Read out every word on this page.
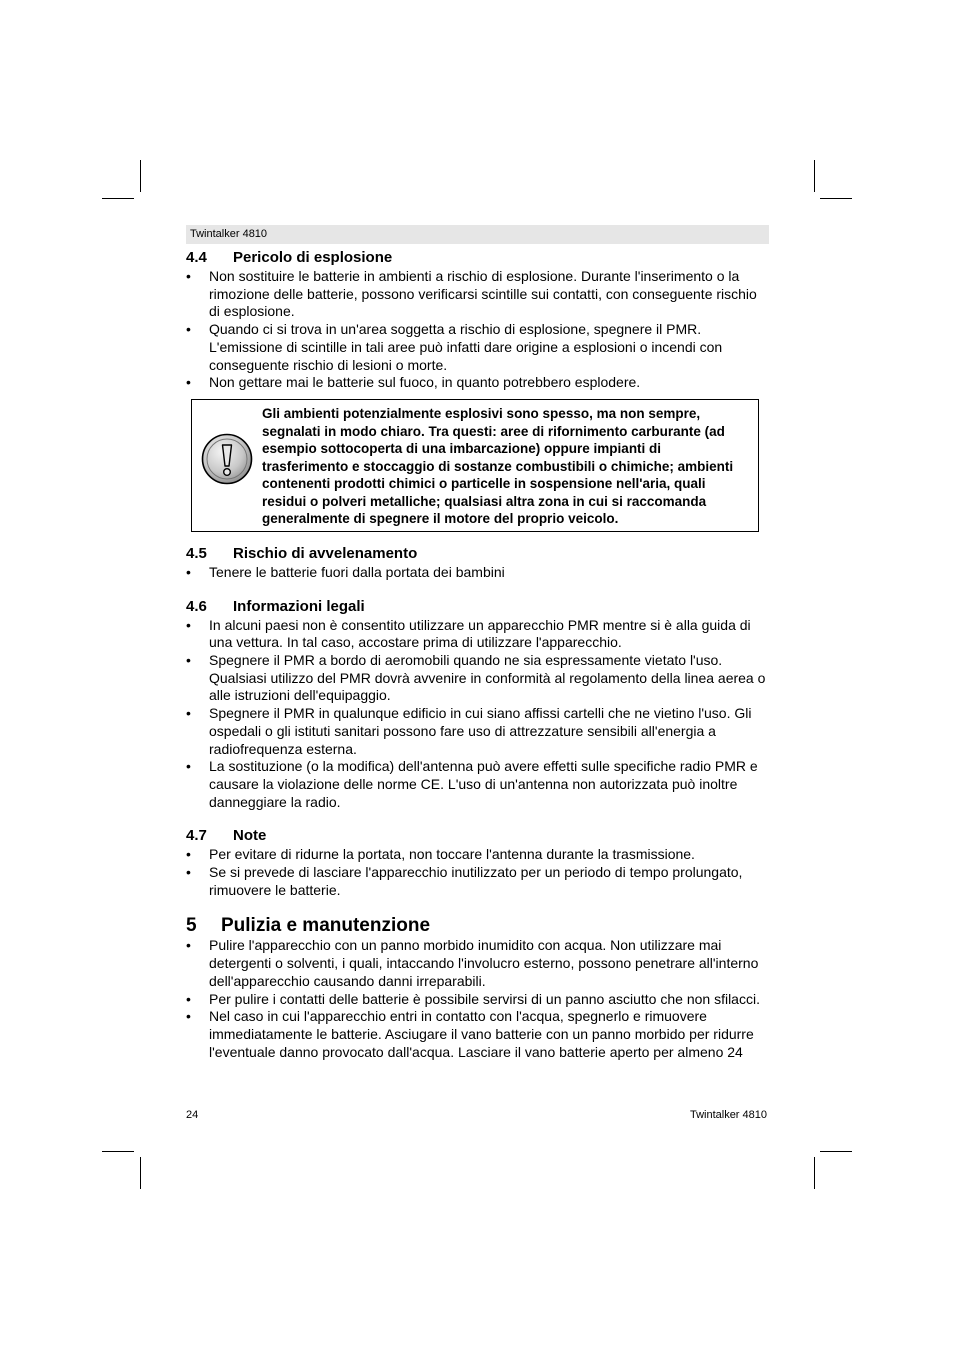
Twintalker 4810
4.4 Pericolo di esplosione
• Non sostituire le batterie in ambienti a rischio di esplosione. Durante l'inserimento o la rimozione delle batterie, possono verificarsi scintille sui contatti, con conseguente rischio di esplosione.
• Quando ci si trova in un'area soggetta a rischio di esplosione, spegnere il PMR. L'emissione di scintille in tali aree può infatti dare origine a esplosioni o incendi con conseguente rischio di lesioni o morte.
• Non gettare mai le batterie sul fuoco, in quanto potrebbero esplodere.
Gli ambienti potenzialmente esplosivi sono spesso, ma non sempre, segnalati in modo chiaro. Tra questi: aree di rifornimento carburante (ad esempio sottocoperta di una imbarcazione) oppure impianti di trasferimento e stoccaggio di sostanze combustibili o chimiche; ambienti contenenti prodotti chimici o particelle in sospensione nell'aria, quali residui o polveri metalliche; qualsiasi altra zona in cui si raccomanda generalmente di spegnere il motore del proprio veicolo.
4.5 Rischio di avvelenamento
• Tenere le batterie fuori dalla portata dei bambini
4.6 Informazioni legali
• In alcuni paesi non è consentito utilizzare un apparecchio PMR mentre si è alla guida di una vettura. In tal caso, accostare prima di utilizzare l'apparecchio.
• Spegnere il PMR a bordo di aeromobili quando ne sia espressamente vietato l'uso. Qualsiasi utilizzo del PMR dovrà avvenire in conformità al regolamento della linea aerea o alle istruzioni dell'equipaggio.
• Spegnere il PMR in qualunque edificio in cui siano affissi cartelli che ne vietino l'uso. Gli ospedali o gli istituti sanitari possono fare uso di attrezzature sensibili all'energia a radiofrequenza esterna.
• La sostituzione (o la modifica) dell'antenna può avere effetti sulle specifiche radio PMR e causare la violazione delle norme CE. L'uso di un'antenna non autorizzata può inoltre danneggiare la radio.
4.7 Note
• Per evitare di ridurne la portata, non toccare l'antenna durante la trasmissione.
• Se si prevede di lasciare l'apparecchio inutilizzato per un periodo di tempo prolungato, rimuovere le batterie.
5 Pulizia e manutenzione
• Pulire l'apparecchio con un panno morbido inumidito con acqua. Non utilizzare mai detergenti o solventi, i quali, intaccando l'involucro esterno, possono penetrare all'interno dell'apparecchio causando danni irreparabili.
• Per pulire i contatti delle batterie è possibile servirsi di un panno asciutto che non sfilacci.
• Nel caso in cui l'apparecchio entri in contatto con l'acqua, spegnerlo e rimuovere immediatamente le batterie. Asciugare il vano batterie con un panno morbido per ridurre l'eventuale danno provocato dall'acqua. Lasciare il vano batterie aperto per almeno 24
24	Twintalker 4810
